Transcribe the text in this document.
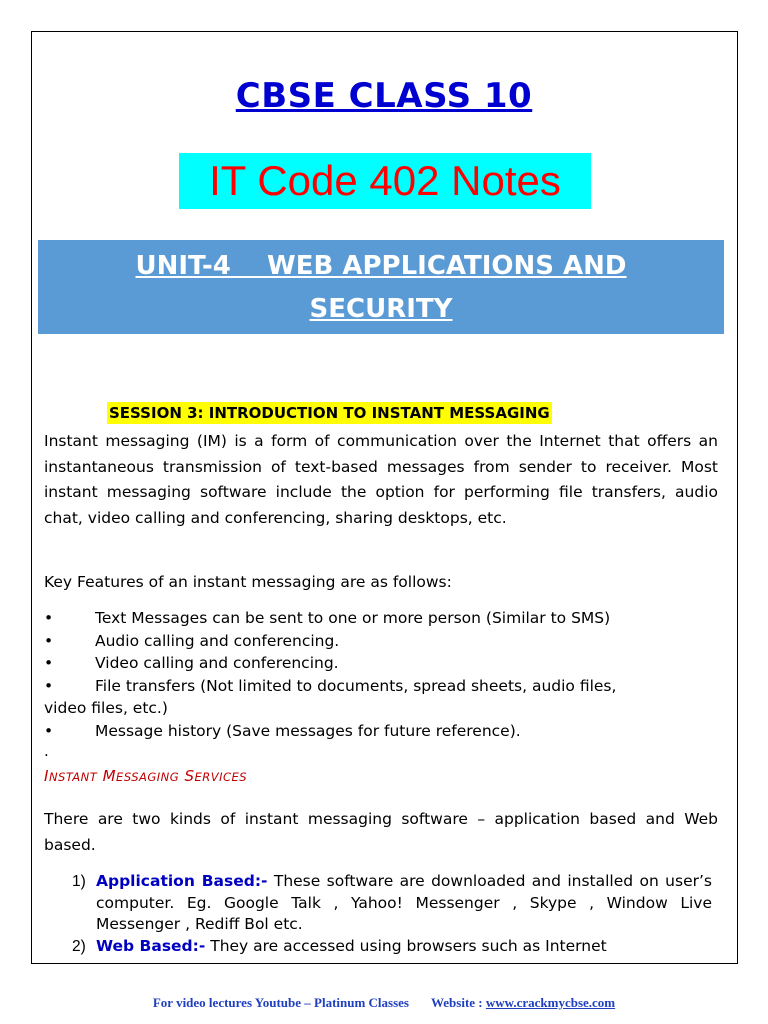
CBSE CLASS 10
IT Code 402 Notes
UNIT-4    WEB APPLICATIONS AND
SECURITY
SESSION 3: INTRODUCTION TO INSTANT MESSAGING
Instant messaging (IM) is a form of communication over the Internet that offers an instantaneous transmission of text-based messages from sender to receiver. Most instant messaging software include the option for performing file transfers, audio chat, video calling and conferencing, sharing desktops, etc.
Key Features of an instant messaging are as follows:
•	Text Messages can be sent to one or more person (Similar to SMS)
•	Audio calling and conferencing.
•	Video calling and conferencing.
•	File transfers (Not limited to documents, spread sheets, audio files,
video files, etc.)
•	Message history (Save messages for future reference).
.
INSTANT MESSAGING SERVICES
There are two kinds of instant messaging software – application based and Web based.
1) Application Based:- These software are downloaded and installed on user’s computer. Eg. Google Talk , Yahoo! Messenger , Skype , Window Live Messenger , Rediff Bol etc.
2) Web Based:- They are accessed using browsers such as Internet
For video lectures Youtube – Platinum Classes Website : www.crackmycbse.com
